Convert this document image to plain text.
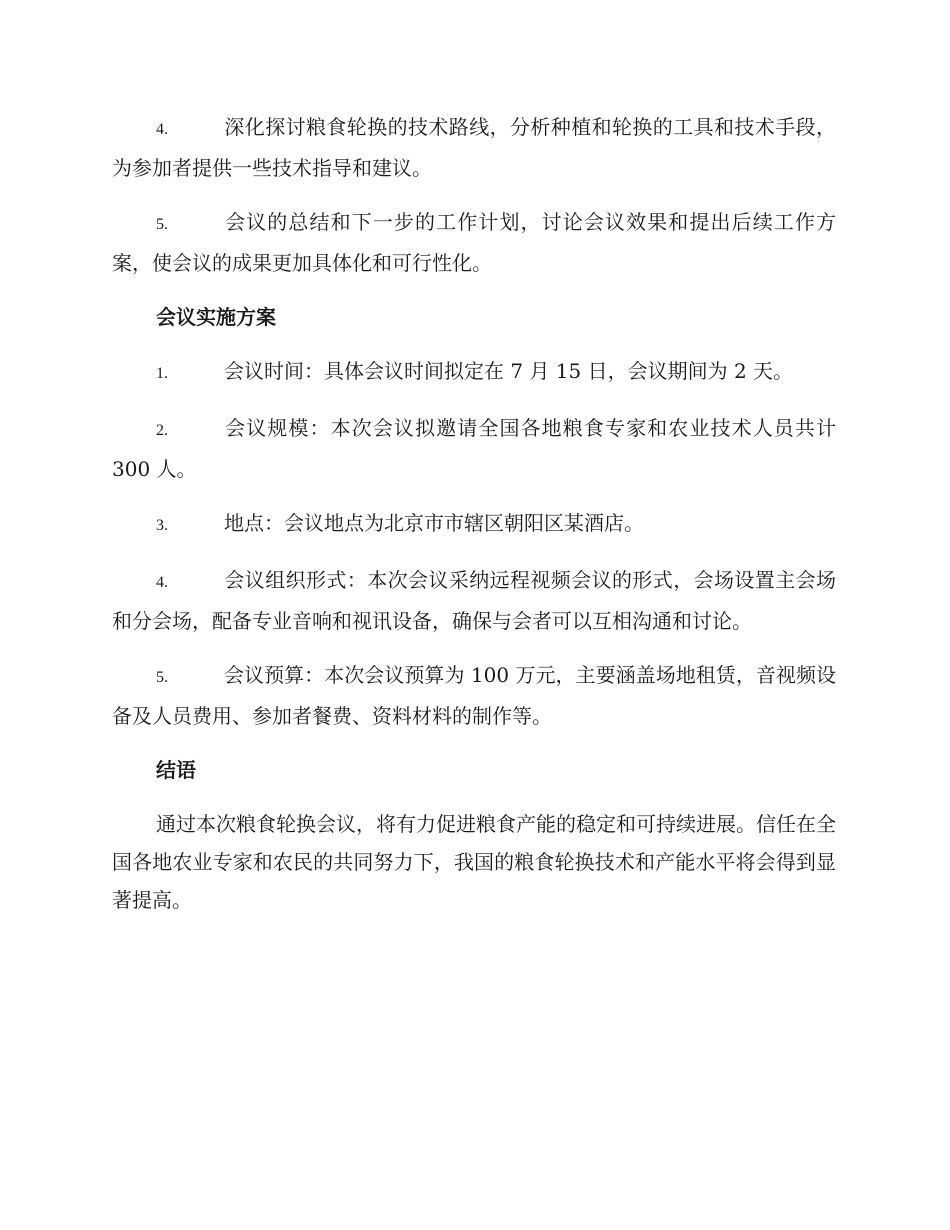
4.	深化探讨粮食轮换的技术路线，分析种植和轮换的工具和技术手段，为参加者提供一些技术指导和建议。
5.	会议的总结和下一步的工作计划，讨论会议效果和提出后续工作方案，使会议的成果更加具体化和可行性化。
会议实施方案
1.	会议时间：具体会议时间拟定在 7 月 15 日，会议期间为 2 天。
2.	会议规模：本次会议拟邀请全国各地粮食专家和农业技术人员共计 300 人。
3.	地点：会议地点为北京市市辖区朝阳区某酒店。
4.	会议组织形式：本次会议采纳远程视频会议的形式，会场设置主会场和分会场，配备专业音响和视讯设备，确保与会者可以互相沟通和讨论。
5.	会议预算：本次会议预算为 100 万元，主要涵盖场地租赁，音视频设备及人员费用、参加者餐费、资料材料的制作等。
结语

通过本次粮食轮换会议，将有力促进粮食产能的稳定和可持续进展。信任在全国各地农业专家和农民的共同努力下，我国的粮食轮换技术和产能水平将会得到显著提高。
